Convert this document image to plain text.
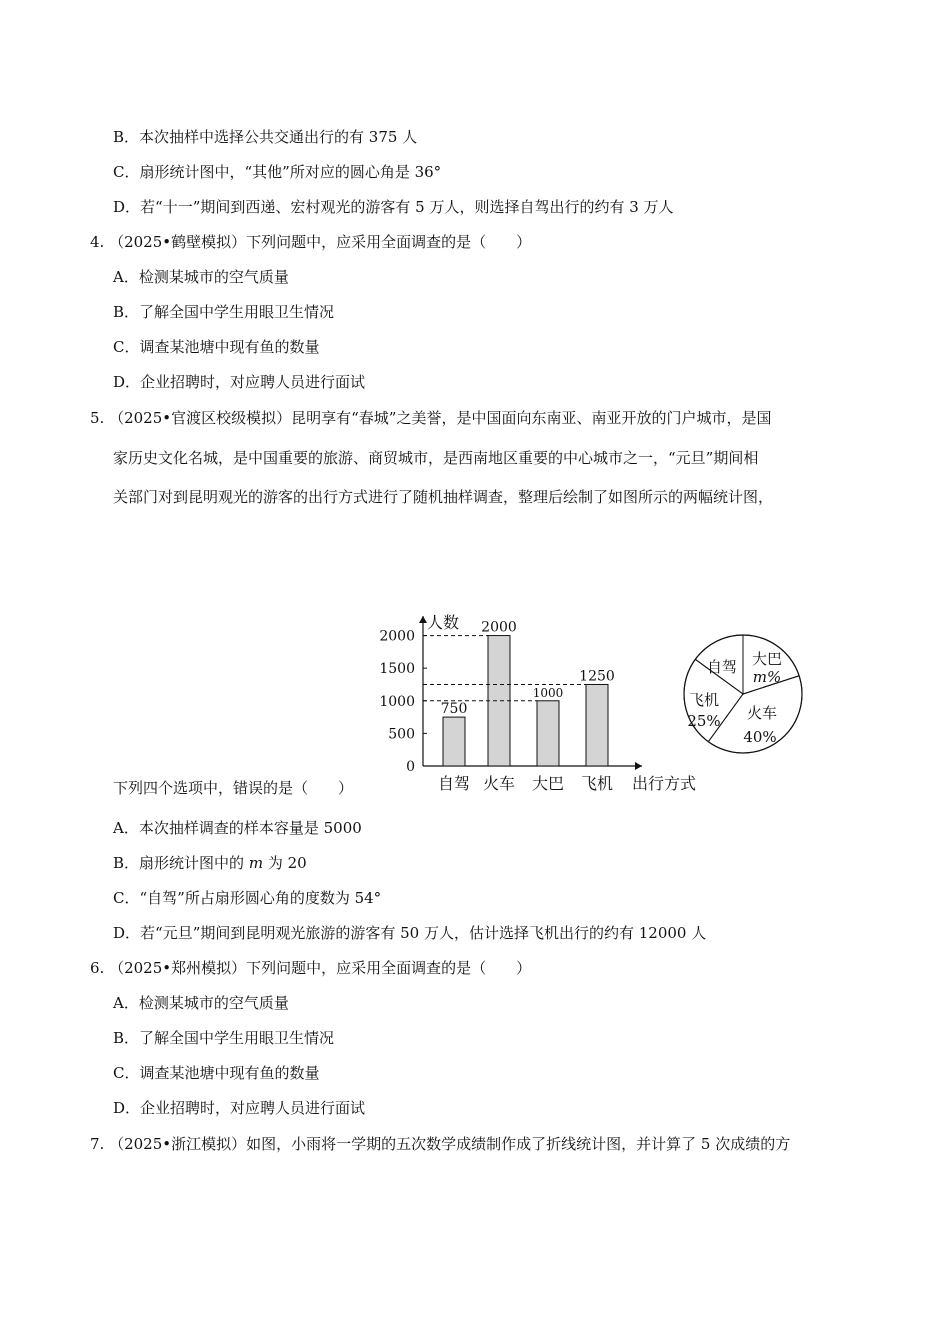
B．本次抽样中选择公共交通出行的有 375 人
C．扇形统计图中，“其他”所对应的圆心角是 36°
D．若“十一”期间到西递、宏村观光的游客有 5 万人，则选择自驾出行的约有 3 万人
4. （2025•鹤壁模拟）下列问题中，应采用全面调查的是（　　）
A．检测某城市的空气质量
B．了解全国中学生用眼卫生情况
C．调查某池塘中现有鱼的数量
D．企业招聘时，对应聘人员进行面试
5. （2025•官渡区校级模拟）昆明享有“春城”之美誉，是中国面向东南亚、南亚开放的门户城市，是国
家历史文化名城，是中国重要的旅游、商贸城市，是西南地区重要的中心城市之一，“元旦”期间相
关部门对到昆明观光的游客的出行方式进行了随机抽样调查，整理后绘制了如图所示的两幅统计图，
人数
出行方式
0
500
1000
1500
2000
750
自驾
2000
火车
1000
大巴
1250
飞机
自驾 大巴
m%
火车
40%
飞机
25%
下列四个选项中，错误的是（　　）
A．本次抽样调查的样本容量是 5000
B．扇形统计图中的 m 为 20
C．“自驾”所占扇形圆心角的度数为 54°
D．若“元旦”期间到昆明观光旅游的游客有 50 万人，估计选择飞机出行的约有 12000 人
6. （2025•郑州模拟）下列问题中，应采用全面调查的是（　　）
A．检测某城市的空气质量
B．了解全国中学生用眼卫生情况
C．调查某池塘中现有鱼的数量
D．企业招聘时，对应聘人员进行面试
7. （2025•浙江模拟）如图，小雨将一学期的五次数学成绩制作成了折线统计图，并计算了 5 次成绩的方
